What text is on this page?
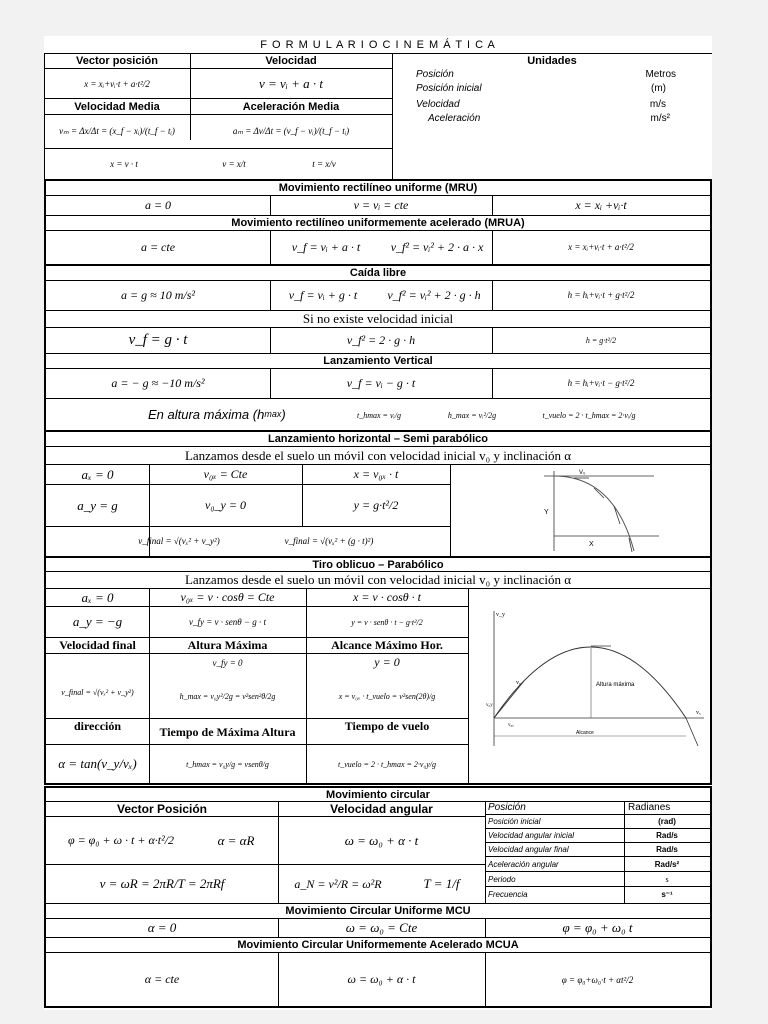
F O R M U L A R I O C I N E M Á T I C A
Vector posición	Velocidad	Unidades
x = xᵢ+vᵢ·t + a·t²/2	v = vᵢ + a · t
Velocidad Media	Aceleración Media
vₘ = Δx/Δt = (x_f − xᵢ)/(t_f − tᵢ)	aₘ = Δv/Δt = (v_f − vᵢ)/(t_f − tᵢ)
x = v · t	v = x/t	t = x/v
Posición	Metros
Posición inicial	(m)
Velocidad	m/s
Aceleración	m/s²
Movimiento rectilíneo uniforme (MRU)
a = 0	v = vᵢ = cte	x = xᵢ +vᵢ·t
Movimiento rectilíneo uniformemente acelerado (MRUA)
a = cte	v_f = vᵢ + a · t	v_f² = vᵢ² + 2 · a · x	x = xᵢ+vᵢ·t + a·t²/2
Caída libre
a = g ≈ 10 m/s²	v_f = vᵢ + g · t	v_f² = vᵢ² + 2 · g · h	h = hᵢ+vᵢ·t + g·t²/2
Si no existe velocidad inicial
v_f = g · t	v_f² = 2 · g · h	h = g·t²/2
Lanzamiento Vertical
a = − g ≈ −10 m/s²	v_f = vᵢ − g · t	h = hᵢ+vᵢ·t − g·t²/2
En altura máxima (h max )	t_hmax = vᵢ/g	h_max = vᵢ²/2g	t_vuelo = 2 · t_hmax = 2·vᵢ/g
Lanzamiento horizontal – Semi parabólico
Lanzamos desde el suelo un móvil con velocidad inicial v₀ y inclinación α
aₓ = 0	v₀ₓ = Cte	x = v₀ₓ · t
a_y = g	v₀_y = 0	y = g·t²/2
v_final = √(vₓ² + v_y²)	v_final = √(vₓ² + (g · t)²)
Y
X
V₀
Tiro oblicuo – Parabólico
Lanzamos desde el suelo un móvil con velocidad inicial v₀ y inclinación α
aₓ = 0	v₀ₓ = v · cosθ = Cte	x = v · cosθ · t
a_y = −g	v_fy = v · senθ − g · t	y = v · senθ · t − g·t²/2
Velocidad final	Altura Máxima	Alcance Máximo Hor.
v_fy = 0	y = 0
v_final = √(vₓ² + v_y²)	h_max = v₀y²/2g = v²sen²θ/2g	x = v₀ₓ · t_vuelo = v²sen(2θ)/g
dirección	Tiempo de Máxima Altura	Tiempo de vuelo
α = tan(v_y/vₓ)	t_hmax = v₀y/g = vsenθ/g	t_vuelo = 2 · t_hmax = 2·v₀y/g
Altura máxima
Alcance
vₓ
v_y
v₀
v₀y
v₀ₓ
Movimiento circular
Vector Posición	Velocidad angular
φ = φ₀ + ω · t + α·t²/2	α = αR	ω = ω₀ + α · t
v = ωR = 2πR/T = 2πRf	a_N = v²/R = ω²R	T = 1/f
Posición	Radianes
Posición inicial	(rad)
Velocidad angular inicial	Rad/s
Velocidad angular final	Rad/s
Aceleración angular	Rad/s²
Periodo	s
Frecuencia	s⁻¹
Movimiento Circular Uniforme MCU
α = 0	ω = ω₀ = Cte	φ = φ₀ + ω₀ t
Movimiento Circular Uniformemente Acelerado MCUA
α = cte	ω = ω₀ + α · t	φ = φ₀+ω₀·t + αt²/2
